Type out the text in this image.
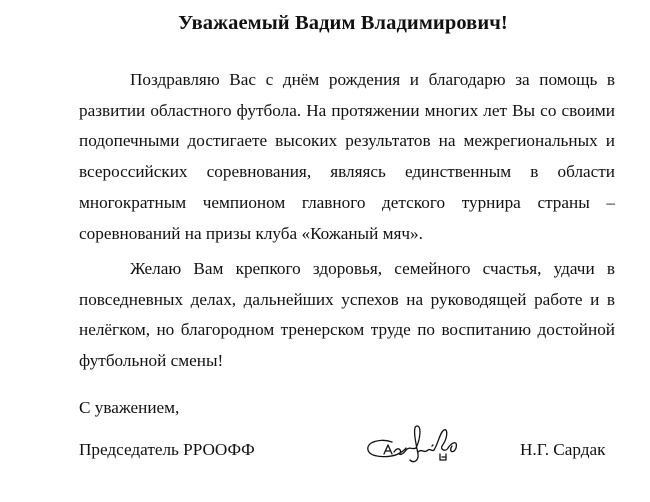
Уважаемый Вадим Владимирович!

Поздравляю Вас с днём рождения и благодарю за помощь в развитии областного футбола. На протяжении многих лет Вы со своими подопечными достигаете высоких результатов на межрегиональных и всероссийских соревнования, являясь единственным в области многократным чемпионом главного детского турнира страны – соревнований на призы клуба «Кожаный мяч».

Желаю Вам крепкого здоровья, семейного счастья, удачи в повседневных делах, дальнейших успехов на руководящей работе и в нелёгком, но благородном тренерском труде по воспитанию достойной футбольной смены!

С уважением,
Председатель РРООФФ	Н.Г. Сардак
